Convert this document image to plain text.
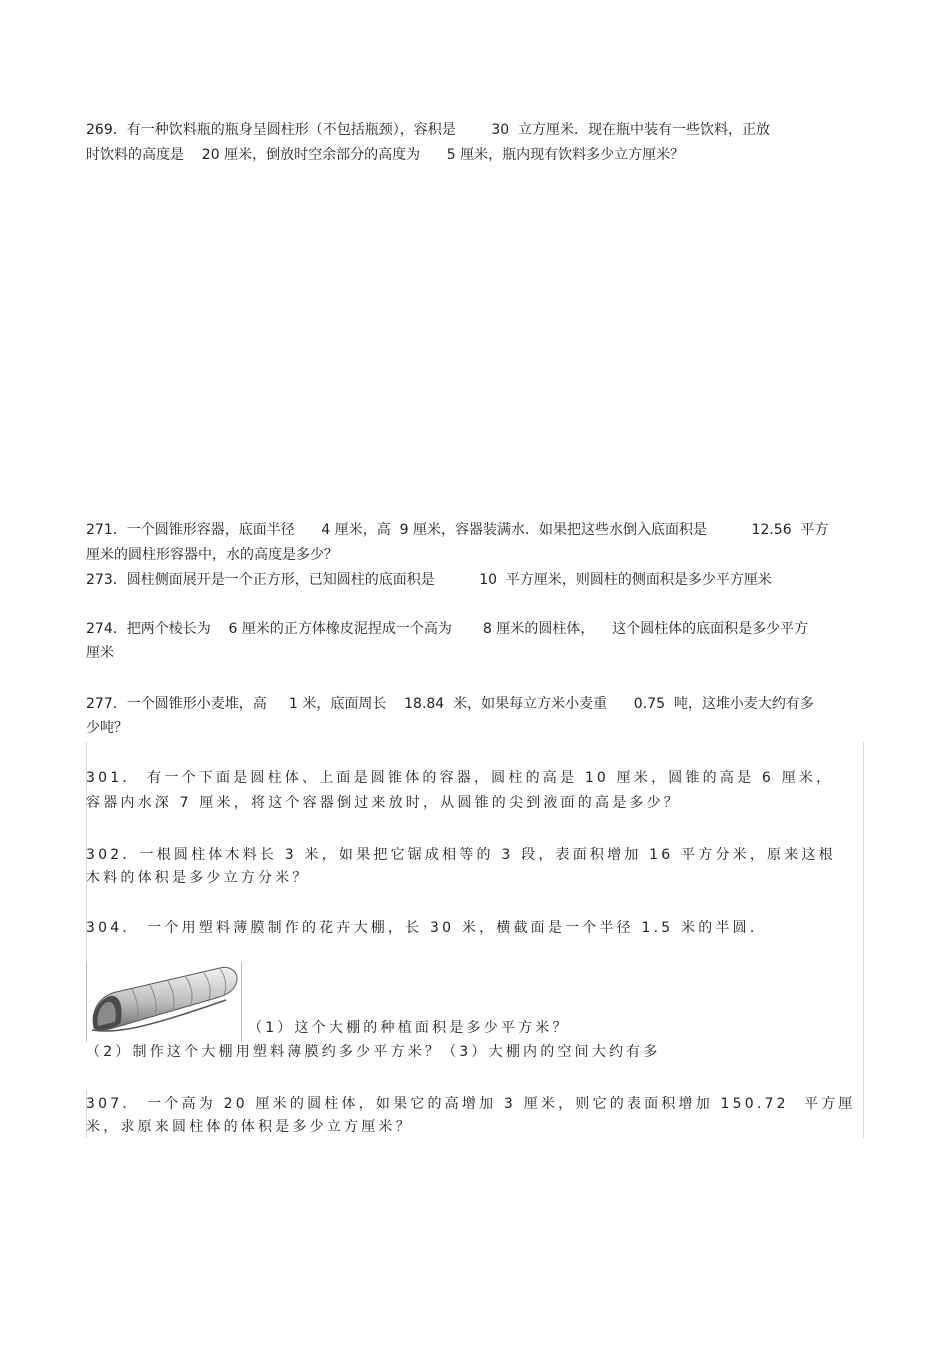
269．有一种饮料瓶的瓶身呈圆柱形（不包括瓶颈），容积是        30  立方厘米．现在瓶中装有一些饮料，正放
时饮料的高度是    20 厘米，倒放时空余部分的高度为      5 厘米，瓶内现有饮料多少立方厘米？
271．一个圆锥形容器，底面半径      4 厘米，高  9 厘米，容器装满水．如果把这些水倒入底面积是          12.56  平方
厘米的圆柱形容器中，水的高度是多少？
273．圆柱侧面展开是一个正方形，已知圆柱的底面积是          10  平方厘米，则圆柱的侧面积是多少平方厘米
274．把两个棱长为    6 厘米的正方体橡皮泥捏成一个高为       8 厘米的圆柱体，    这个圆柱体的底面积是多少平方
厘米
277．一个圆锥形小麦堆，高     1 米，底面周长    18.84  米，如果每立方米小麦重      0.75  吨，这堆小麦大约有多
少吨？
301． 有一个下面是圆柱体、上面是圆锥体的容器，圆柱的高是 10 厘米，圆锥的高是 6 厘米，
容器内水深 7 厘米，将这个容器倒过来放时，从圆锥的尖到液面的高是多少？
302．一根圆柱体木料长 3 米，如果把它锯成相等的 3 段，表面积增加 16 平方分米，原来这根
木料的体积是多少立方分米？
304． 一个用塑料薄膜制作的花卉大棚，长 30 米，横截面是一个半径 1.5 米的半圆．
（1）这个大棚的种植面积是多少平方米？
（2）制作这个大棚用塑料薄膜约多少平方米？（3）大棚内的空间大约有多
307． 一个高为 20 厘米的圆柱体，如果它的高增加 3 厘米，则它的表面积增加 150.72  平方厘
米，求原来圆柱体的体积是多少立方厘米？
